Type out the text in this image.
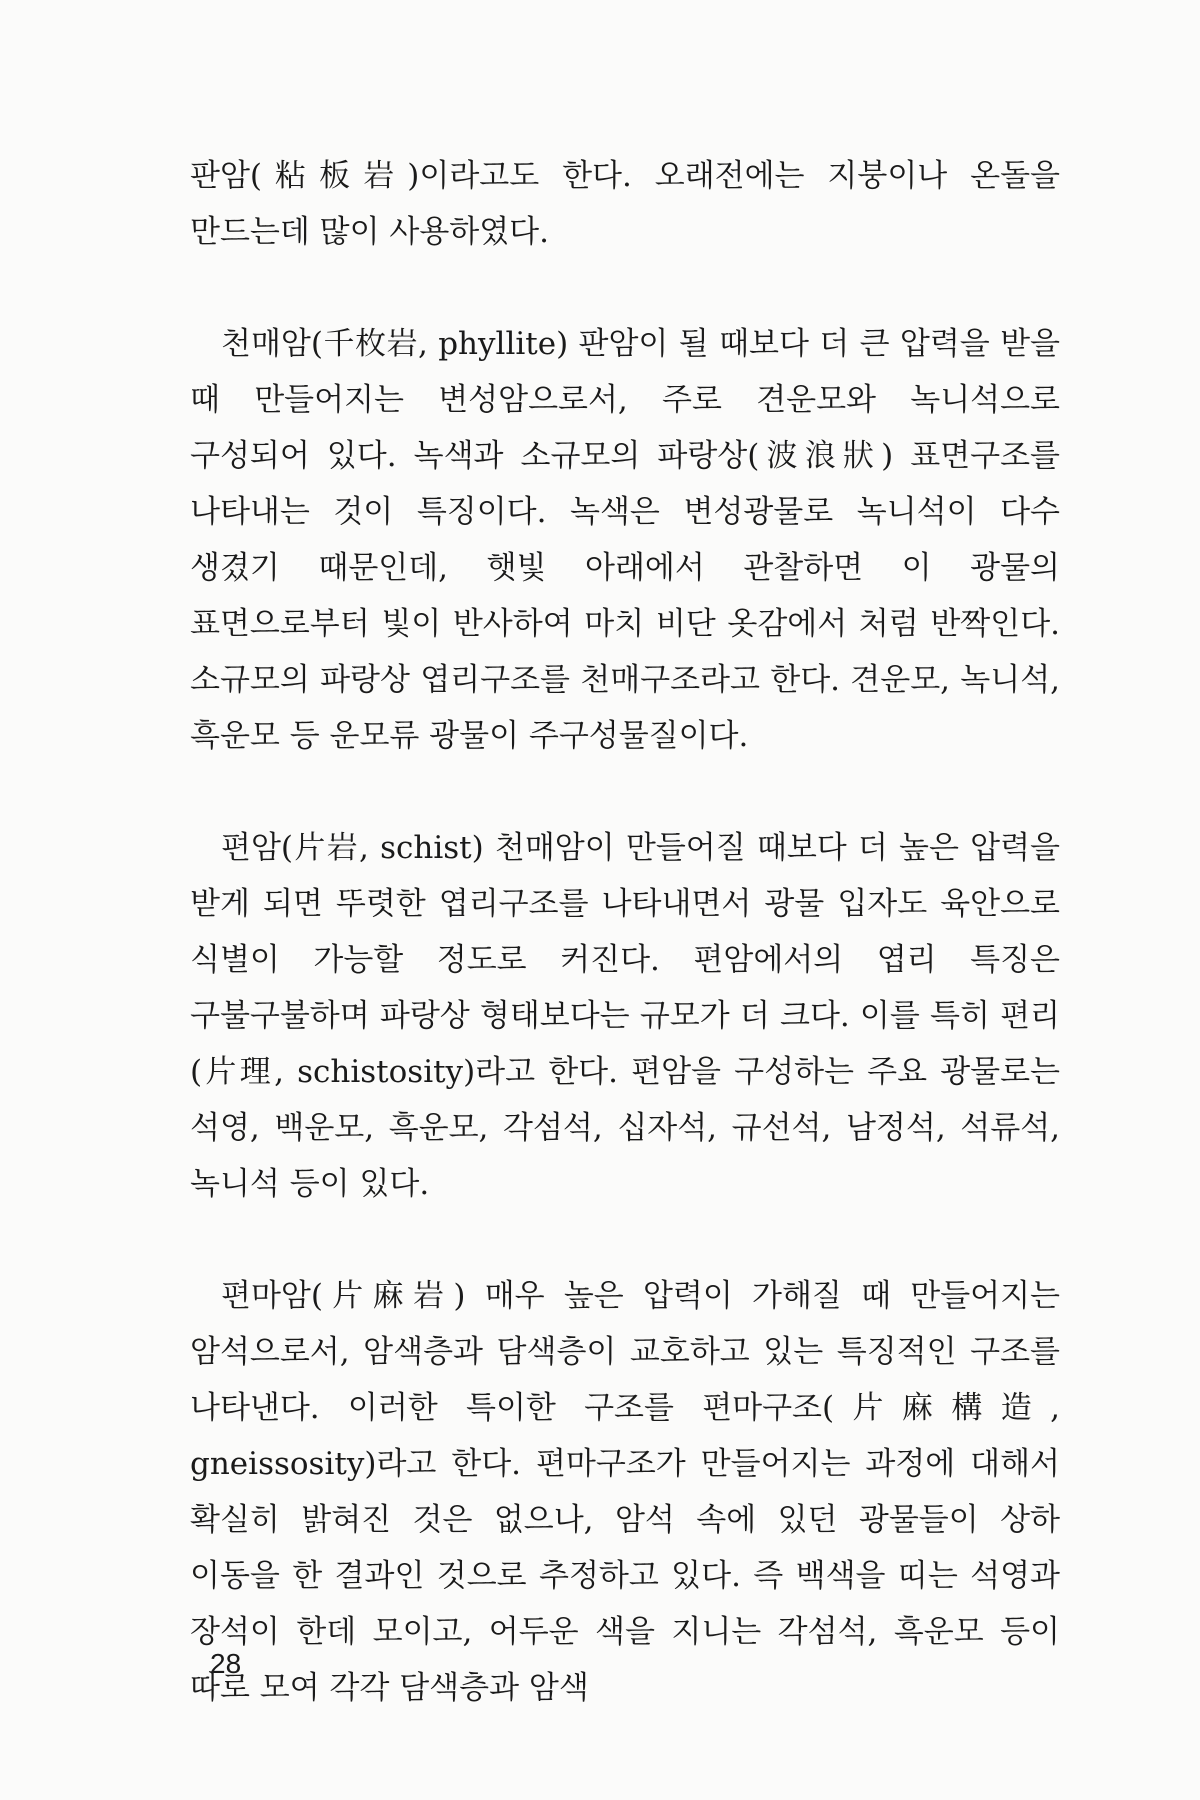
판암(粘板岩)이라고도 한다. 오래전에는 지붕이나 온돌을 만드는데 많이 사용하였다.

천매암(千枚岩, phyllite) 판암이 될 때보다 더 큰 압력을 받을 때 만들어지는 변성암으로서, 주로 견운모와 녹니석으로 구성되어 있다. 녹색과 소규모의 파랑상(波浪狀) 표면구조를 나타내는 것이 특징이다. 녹색은 변성광물로 녹니석이 다수 생겼기 때문인데, 햇빛 아래에서 관찰하면 이 광물의 표면으로부터 빛이 반사하여 마치 비단 옷감에서 처럼 반짝인다. 소규모의 파랑상 엽리구조를 천매구조라고 한다. 견운모, 녹니석, 흑운모 등 운모류 광물이 주구성물질이다.

편암(片岩, schist) 천매암이 만들어질 때보다 더 높은 압력을 받게 되면 뚜렷한 엽리구조를 나타내면서 광물 입자도 육안으로 식별이 가능할 정도로 커진다. 편암에서의 엽리 특징은 구불구불하며 파랑상 형태보다는 규모가 더 크다. 이를 특히 편리(片理, schistosity)라고 한다. 편암을 구성하는 주요 광물로는 석영, 백운모, 흑운모, 각섬석, 십자석, 규선석, 남정석, 석류석, 녹니석 등이 있다.

편마암(片麻岩) 매우 높은 압력이 가해질 때 만들어지는 암석으로서, 암색층과 담색층이 교호하고 있는 특징적인 구조를 나타낸다. 이러한 특이한 구조를 편마구조(片麻構造, gneissosity)라고 한다. 편마구조가 만들어지는 과정에 대해서 확실히 밝혀진 것은 없으나, 암석 속에 있던 광물들이 상하 이동을 한 결과인 것으로 추정하고 있다. 즉 백색을 띠는 석영과 장석이 한데 모이고, 어두운 색을 지니는 각섬석, 흑운모 등이 따로 모여 각각 담색층과 암색

28
